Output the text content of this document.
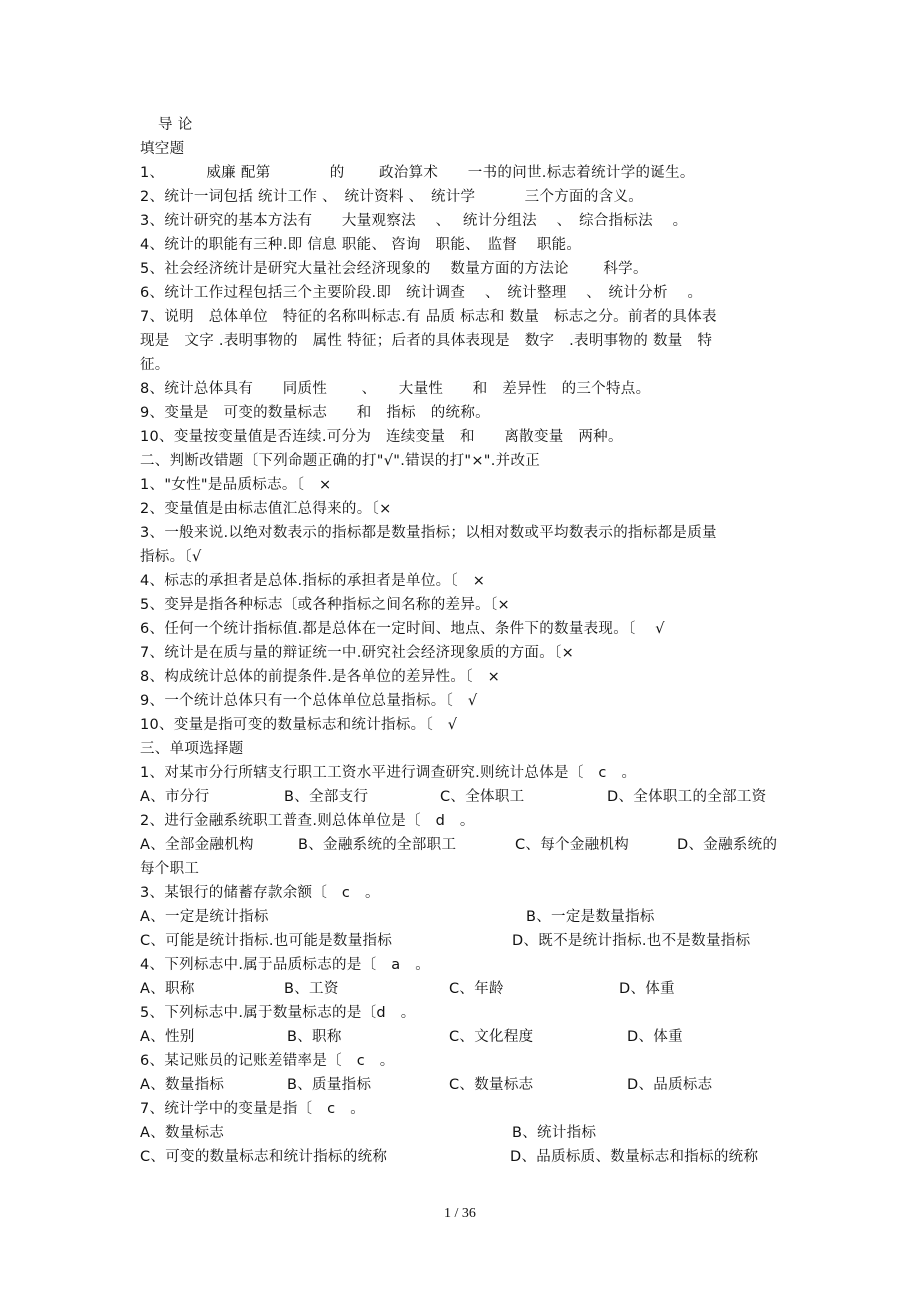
导 论
填空题
1、　　　 威廉 配第　　　　的　　 政治算术　　一书的问世.标志着统计学的诞生。
2、统计一词包括 统计工作 、　统计资料 、　统计学　　　 三个方面的含义。
3、统计研究的基本方法有　　大量观察法　 、　 统计分组法　 、　综合指标法　 。
4、统计的职能有三种.即 信息 职能、 咨询　职能、　监督　 职能。
5、社会经济统计是研究大量社会经济现象的　 数量方面的方法论　　 科学。
6、统计工作过程包括三个主要阶段.即　统计调查　 、　统计整理　 、　统计分析　 。
7、说明　总体单位　特征的名称叫标志.有 品质 标志和 数量　标志之分。前者的具体表
现是　文字 .表明事物的　属性 特征；后者的具体表现是　数字　.表明事物的 数量　特
征。
8、统计总体具有　　同质性　　 、　　大量性　　和　差异性　的三个特点。
9、变量是　可变的数量标志　　和　指标　的统称。
10、变量按变量值是否连续.可分为　连续变量　和　　离散变量　两种。
二、判断改错题〔下列命题正确的打"√".错误的打"×".并改正
1、"女性"是品质标志。〔　×
2、变量值是由标志值汇总得来的。〔×
3、一般来说.以绝对数表示的指标都是数量指标；以相对数或平均数表示的指标都是质量
指标。〔√
4、标志的承担者是总体.指标的承担者是单位。〔　×
5、变异是指各种标志〔或各种指标之间名称的差异。〔×
6、任何一个统计指标值.都是总体在一定时间、地点、条件下的数量表现。〔　 √
7、统计是在质与量的辩证统一中.研究社会经济现象质的方面。〔×
8、构成统计总体的前提条件.是各单位的差异性。〔　×
9、一个统计总体只有一个总体单位总量指标。〔　√
10、变量是指可变的数量标志和统计指标。〔　√
三、单项选择题
1、对某市分行所辖支行职工工资水平进行调查研究.则统计总体是〔　c　。
A、市分行	B、全部支行	C、全体职工	D、全体职工的全部工资
2、进行金融系统职工普查.则总体单位是〔　d　。
A、全部金融机构	B、金融系统的全部职工	C、每个金融机构	D、金融系统的
每个职工
3、某银行的储蓄存款余额〔　c　。
A、一定是统计指标	B、一定是数量指标
C、可能是统计指标.也可能是数量指标	D、既不是统计指标.也不是数量指标
4、下列标志中.属于品质标志的是〔　a　。
A、职称	B、工资	C、年龄	D、体重
5、下列标志中.属于数量标志的是〔d　。
A、性别	B、职称	C、文化程度	D、体重
6、某记账员的记账差错率是〔　c　。
A、数量指标	B、质量指标	C、数量标志	D、品质标志
7、统计学中的变量是指〔　c　。
A、数量标志	B、统计指标
C、可变的数量标志和统计指标的统称	D、品质标质、数量标志和指标的统称
1 / 36
